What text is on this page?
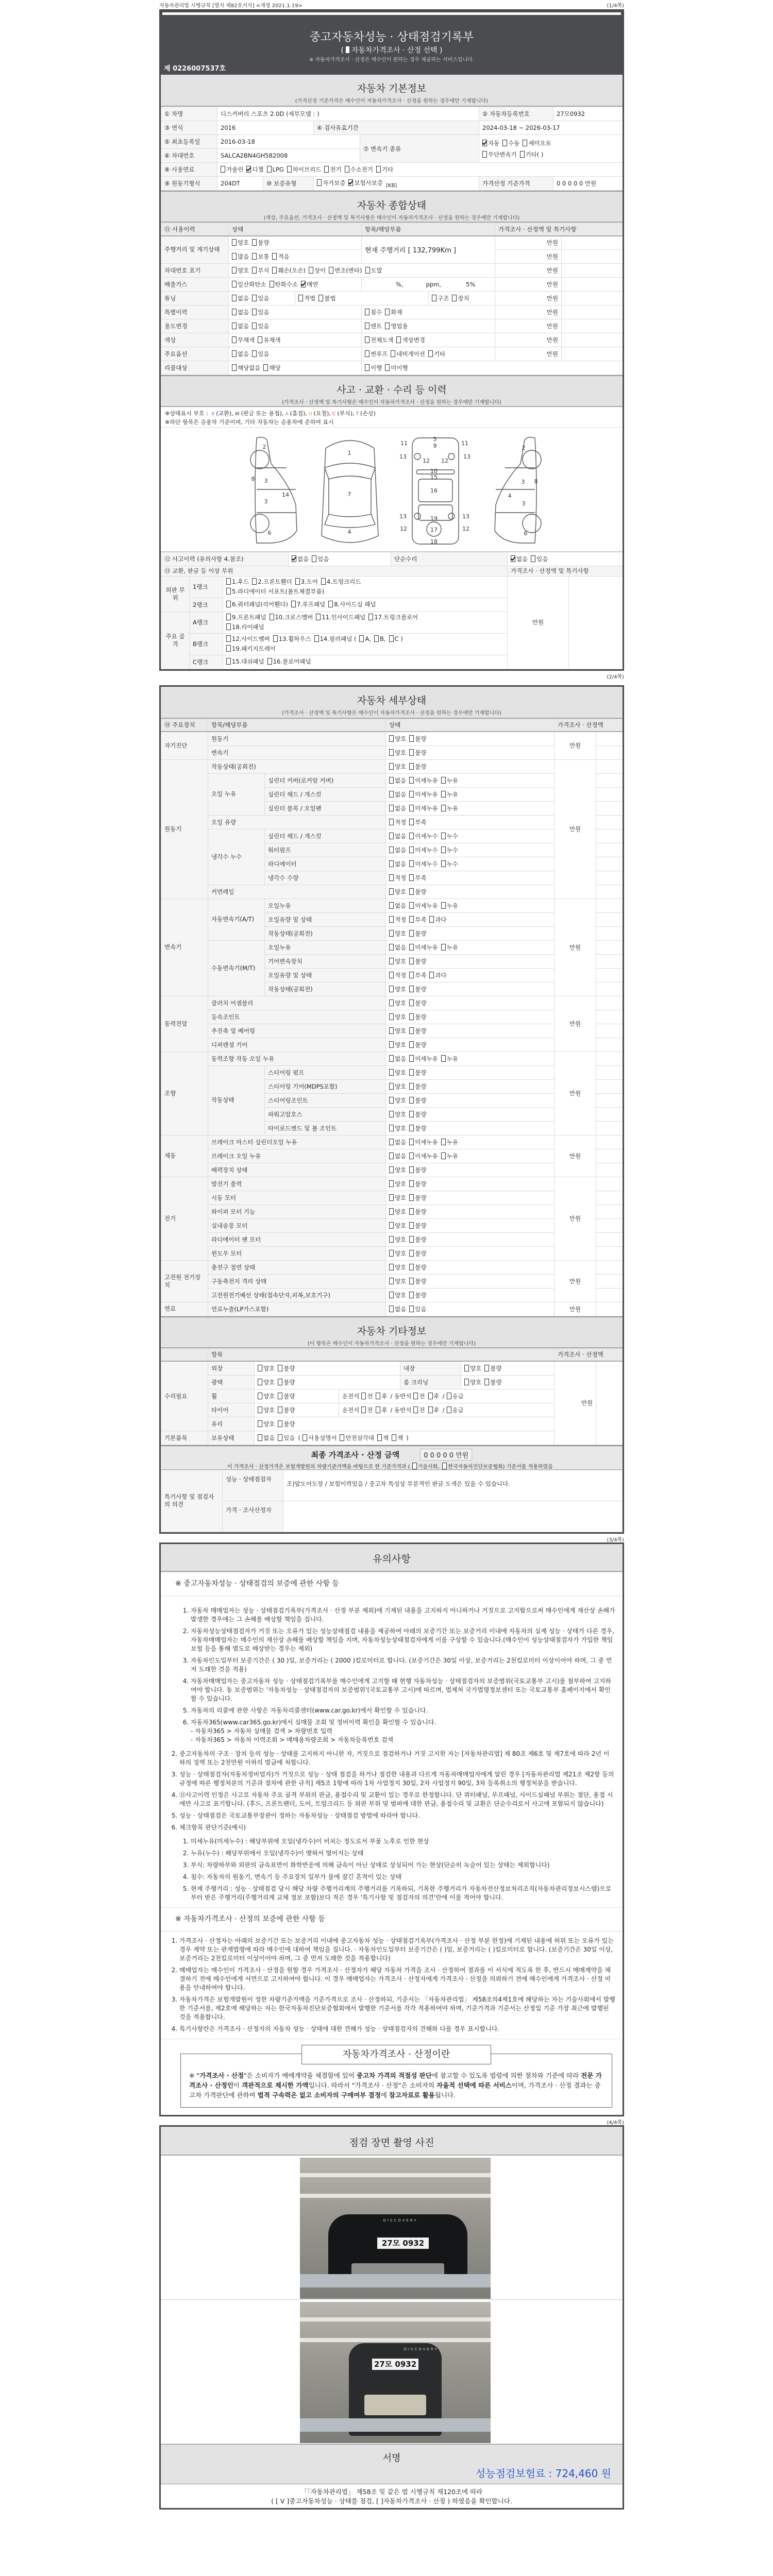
자동차관리법 시행규칙 [별지 제82호서식] <개정 2021.1.19>	(1/4쪽)
중고자동차성능 · 상태점검기록부
( 자동차가격조사 · 산정 선택 )
※ 자동차가격조사 · 산정은 매수인이 원하는 경우 제공하는 서비스입니다.
제 0226007537호
자동차 기본정보
(가격산정 기준가격은 매수인이 자동차가격조사 · 산정을 원하는 경우에만 기재합니다)
① 차명	디스커버리 스포츠 2.0D (세부모델 : )				② 자동차등록번호	27모0932
③ 연식	2016		④ 검사유효기간		2024-03-18 ~ 2026-03-17	
⑤ 최초등록일	2016-03-18			⑦ 변속기 종류	자동 수동 세미오토
무단변속기 기타( )	

⑥ 차대번호	SALCA2BN4GH582008					
⑧ 사용연료	가솔린 디젤 LPG 하이브리드 전기 수소전기 기타					
⑨ 원동기형식	204DT	⑩ 보증유형	자가보증 보험사보증 [KB]		가격산정 기준가격	0 0 0 0 0 만원
자동차 종합상태
(색상, 주요옵션, 가격조사 · 산정액 및 특기사항은 매수인이 자동차가격조사 · 산정을 원하는 경우에만 기재합니다)
⑪ 사용이력	상태		항목/해당부품		가격조사 · 산정액 및 특기사항	
주행거리 및 계기상태	양호 불량		현재 주행거리 [ 132,799Km ]		만원	
	많음 보통 적음				만원	
차대번호 표기	양호 부식 훼손(오손) 상이 변조(변타) 도말				만원	
배출가스	일산화탄소 탄화수소 매연		%, ppm, 5%		만원	
튜닝	없음 있음	적법 불법		구조 장치	만원	
특별이력	없음 있음		침수 화재		만원	
용도변경	없음 있음		렌트 영업용		만원	
색상	무채색 유채색		전체도색 색상변경		만원	
주요옵션	없음 있음		썬루프 네비게이션 기타		만원	
리콜대상	해당없음 해당		이행 미이행			
사고 · 교환 · 수리 등 이력
(가격조사 · 산정액 및 특기사항은 매수인이 자동차가격조사 · 산정을 원하는 경우에만 기재합니다)
※상태표시 부호 : X (교환), W (판금 또는 용접), A (흠집), U (요철), C (부식), T (손상)
※하단 항목은 승용차 기준이며, 기타 자동차는 승용차에 준하여 표시
2
8 3
14
3
6
1
7
4
5
9
11	11
13	13
12 12
10
15
16
13	13
19
12	12
17
18
2
3 8
4
3
6
⑫ 사고이력 (유의사항 4.참조)			없음 있음	단순수리	없음 있음	
⑬ 교환, 판금 등 이상 부위					가격조사 · 산정액 및 특기사항	
외판 부위	1랭크	1.후드 2.프론트휀더 3.도어 4.트렁크리드
5.라디에이터 서포트(볼트체결부품)			만원	
	2랭크	6.쿼터패널(리어휀다) 7.루프패널 8.사이드실 패널				

주요 골격	A랭크	9.프론트패널 10.크로스멤버 11.인사이드패널 17.트렁크플로어
18.리어패널				

	B랭크	12.사이드멤버 13.휠하우스 14.필러패널 ( A, B, C )
19.패키지트레이				

	C랭크	15.대쉬패널 16.플로어패널				
(2/4쪽)
자동차 세부상태
(가격조사 · 산정액 및 특기사항은 매수인이 자동차가격조사 · 산정을 원하는 경우에만 기재합니다)
⑭ 주요장치	항목/해당부품		상태	가격조사 · 산정액	
자기진단	원동기		양호 불량	만원	
	변속기		양호 불량		
원동기	작동상태(공회전)		양호 불량	만원	
	오일 누유	실린더 커버(로커암 커버)	없음 미세누유 누유		
		실린더 헤드 / 개스킷	없음 미세누유 누유		
		실린더 블록 / 오일팬	없음 미세누유 누유		
	오일 유량		적정 부족		
	냉각수 누수	실린더 헤드 / 개스킷	없음 미세누수 누수		
		워터펌프	없음 미세누수 누수		
		라디에이터	없음 미세누수 누수		
		냉각수 수량	적정 부족		
	커먼레일		양호 불량		
변속기	자동변속기(A/T)	오일누유	없음 미세누유 누유	만원	
		오일유량 및 상태	적정 부족 과다		
		작동상태(공회전)	양호 불량		
	수동변속기(M/T)	오일누유	없음 미세누유 누유		
		기어변속장치	양호 불량		
		오일유량 및 상태	적정 부족 과다		
		작동상태(공회전)	양호 불량		
동력전달	클러치 어셈블리		양호 불량	만원	
	등속조인트		양호 불량		
	추진축 및 베어링		양호 불량		
	디퍼렌셜 기어		양호 불량		
조향	동력조향 작동 오일 누유		없음 미세누유 누유	만원	
	작동상태	스티어링 펌프	양호 불량		
		스티어링 기어(MDPS포함)	양호 불량		
		스티어링조인트	양호 불량		
		파워고압호스	양호 불량		
		타이로드엔드 및 볼 조인트	양호 불량		
제동	브레이크 마스터 실린더오일 누유		없음 미세누유 누유	만원	
	브레이크 오일 누유		없음 미세누유 누유		
	배력장치 상태		양호 불량		
전기	발전기 출력		양호 불량	만원	
	시동 모터		양호 불량		
	와이퍼 모터 기능		양호 불량		
	실내송풍 모터		양호 불량		
	라디에이터 팬 모터		양호 불량		
	윈도우 모터		양호 불량		
고전원 전기장치	충전구 절연 상태		양호 불량	만원	
	구동축전지 격리 상태		양호 불량		
	고전원전기배선 상태(접속단자,피복,보호기구)		양호 불량		
연료	연료누출(LP가스포함)		없음 있음	만원	
자동차 기타정보
(이 항목은 매수인이 자동차가격조사 · 산정을 원하는 경우에만 기재합니다)
	항목					가격조사 · 산정액	
수리필요	외장	양호 불량		내장	양호 불량	만원	
	광택	양호 불량		룸 크리닝	양호 불량		
	휠	양호 불량	운전석 전 후 / 동반석 전 후 / 응급				
	타이어	양호 불량	운전석 전 후 / 동반석 전 후 / 응급				
	유리	양호 불량					
기본품목	보유상태	없음 있음 ( 사용설명서 안전삼각대 잭 잭 )					
최종 가격조사 · 산정 금액	0 0 0 0 0 만원
이 가격조사 · 산정가격은 보험개발원의 차량기준가액을 바탕으로 한 기준가격과 ( 기술사회, 한국자동차진단보증협회) 기준서를 적용하였음
특기사항 및 점검자의 의견	성능 · 상태점검자	조)앞도어도장 / 보험이력있음 / 중고차 특성상 부분적인 판금 도색은 있을 수 있습니다.
	가격 · 조사산정자	
(3/4쪽)
유의사항
※ 중고자동차성능 · 상태점검의 보증에 관한 사항 등
1. 자동차 매매업자는 성능 · 상태점검기록부(가격조사 · 산정 부분 제외)에 기재된 내용을 고지하지 아니하거나 거짓으로 고지함으로써 매수인에게 재산상 손해가 발생한 경우에는 그 손해를 배상할 책임을 집니다.
2. 자동차성능상태점검자가 거짓 또는 오류가 있는 성능상태점검 내용을 제공하여 아래의 보증기간 또는 보증거리 이내에 자동차의 실제 성능 · 상태가 다른 경우, 자동차매매업자는 매수인의 재산상 손해를 배상할 책임을 지며, 자동차성능상태점검자에게 이를 구상할 수 있습니다.(매수인이 성능상태점검자가 가입한 책임보험 등을 통해 별도로 배상받는 경우는 제외)
3. 자동차인도일부터 보증기간은 ( 30 )일, 보증거리는 ( 2000 )킬로미터로 합니다. (보증기간은 30일 이상, 보증거리는 2천킬로미터 이상이어야 하며, 그 중 먼저 도래한 것을 적용)
4. 자동차매매업자는 중고자동차 성능 · 상태점검기록부를 매수인에게 고지할 때 현행 자동차성능 · 상태점검자의 보증범위(국토교통부 고시)를 첨부하여 고지하여야 합니다. 동 보증범위는 '자동차성능 · 상태점검자의 보증범위'(국토교통부 고시)에 따르며, 법제처 국가법령정보센터 또는 국토교통부 홈페이지에서 확인할 수 있습니다.
5. 자동차의 리콜에 관한 사항은 자동차리콜센터(www.car.go.kr)에서 확인할 수 있습니다.
6. 자동차365(www.car365.go.kr)에서 실매물 조회 및 정비이력 확인을 확인할 수 있습니다.
- 자동차365 > 자동차 실매물 검색 > 차량번호 입력
- 자동차365 > 자동차 이력조회 > 매매용차량조회 > 자동차등록번호 검색
2. 중고자동차의 구조 · 장치 등의 성능 · 상태를 고지하지 아니한 자, 거짓으로 점검하거나 거짓 고지한 자는 [자동차관리법] 제 80조 제6호 및 제7호에 따라 2년 이하의 징역 또는 2천만원 이하의 벌금에 처합니다.
3. 성능 · 상태점검자(자동차정비업자)가 거짓으로 성능 · 상태 점검을 하거나 점검한 내용과 다르게 자동차매매업자에게 알린 경우 [자동차관리법 제21조 제2항 등의 규정에 따른 행정처분의 기준과 절차에 관한 규칙] 제5조 1항에 따라 1차 사업정지 30일, 2차 사업정지 90일, 3차 등록취소의 행정처분을 받습니다.
4. ⑫사고이력 인정은 사고로 자동차 주요 골격 부위의 판금, 용접수리 및 교환이 있는 경우로 한정합니다. 단 쿼터패널, 루프패널, 사이드실패널 부위는 절단, 용접 시에만 사고로 표기합니다. (후드, 프론트펜더, 도어, 트렁크리드 등 외판 부위 및 범퍼에 대한 판금, 용접수리 및 교환은 단순수리로서 사고에 포함되지 않습니다)
5. 성능 · 상태점검은 국토교통부장관이 정하는 자동차성능 · 상태점검 방법에 따라야 합니다.
6. 체크항목 판단기준(예시)
1. 미세누유(미세누수) : 해당부위에 오일(냉각수)이 비치는 정도로서 부품 노후로 인한 현상
2. 누유(누수) : 해당부위에서 오일(냉각수)이 맺혀서 떨어지는 상태
3. 부식: 차량하부와 외판의 금속표면이 화학반응에 의해 금속이 아닌 상태로 상실되어 가는 현상(단순히 녹슬어 있는 상태는 제외합니다)
4. 침수: 자동차의 원동기, 변속기 등 주요장치 일부가 물에 잠긴 흔적이 있는 상태
5. 현재 주행거리 : 성능 · 상태점검 당시 해당 차량 주행거리계의 주행거리를 기록하되, 기록한 주행거리가 자동차전산정보처리조직(자동차관리정보시스템)으로부터 받은 주행거리(주행거리계 교체 정보 포함)보다 적은 경우 '특기사항 및 점검자의 의견'란에 이를 적어야 합니다.
※ 자동차가격조사 · 산정의 보증에 관한 사항 등
1. 가격조사 · 산정자는 아래의 보증기간 또는 보증거리 이내에 중고자동차 성능 · 상태점검기록부(가격조사 · 산정 부분 한정)에 기재된 내용에 허위 또는 오류가 있는 경우 계약 또는 관계법령에 따라 매수인에 대하여 책임을 집니다. · 자동차인도일부터 보증기간은 ( )일, 보증거리는 ( )킬로미터로 합니다. (보증기간은 30일 이상, 보증거리는 2천킬로미터 이상이어야 하며, 그 중 먼저 도래한 것을 적용합니다)
2. 매매업자는 매수인이 가격조사 · 산정을 원할 경우 가격조사 · 산정자가 해당 자동차 가격을 조사 · 산정하여 결과를 이 서식에 적도록 한 후, 반드시 매매계약을 체결하기 전에 매수인에게 서면으로 고지하여야 합니다. 이 경우 매매업자는 가격조사 · 산정자에게 가격조사 · 산정을 의뢰하기 전에 매수인에게 가격조사 · 산정 비용을 안내하여야 합니다.
3. 자동차가격은 보험개발원이 정한 차량기준가액을 기준가격으로 조사 · 산정하되, 기준서는 「자동차관리법」 제58조의4제1호에 해당하는 자는 기술사회에서 발행한 기준서를, 제2호에 해당하는 자는 한국자동차진단보증협회에서 발행한 기준서를 각각 적용하여야 하며, 기준가격과 기준서는 산정일 기준 가장 최근에 발행된 것을 적용합니다.
4. 특기사항란은 가격조사 · 산정자의 자동차 성능 · 상태에 대한 견해가 성능 · 상태점검자의 견해와 다를 경우 표시합니다.
자동차가격조사 · 산정이란
※ "가격조사 · 산정"은 소비자가 매매계약을 체결함에 있어 중고차 가격의 적절성 판단에 참고할 수 있도록 법령에 의한 절차와 기준에 따라 전문 가격조사 · 산정인이 객관적으로 제시한 가액입니다. 따라서 "가격조사 · 산정"은 소비자의 자율적 선택에 따른 서비스이며, 가격조사 · 산정 결과는 중고차 가격판단에 관하여 법적 구속력은 없고 소비자의 구매여부 결정에 참고자료로 활용됩니다.
(4/4쪽)
점검 장면 촬영 사진
DISCOVERY
27모 0932
DISCOVERY
27모 0932
서명
성능점검보험료 : 724,460 원
「「자동차관리법」 제58조 및 같은 법 시행규칙 제120조에 따라
( [ V ]중고자동차성능 · 상태를 점검, [ ]자동차가격조사 · 산정 ) 하였음을 확인합니다.
